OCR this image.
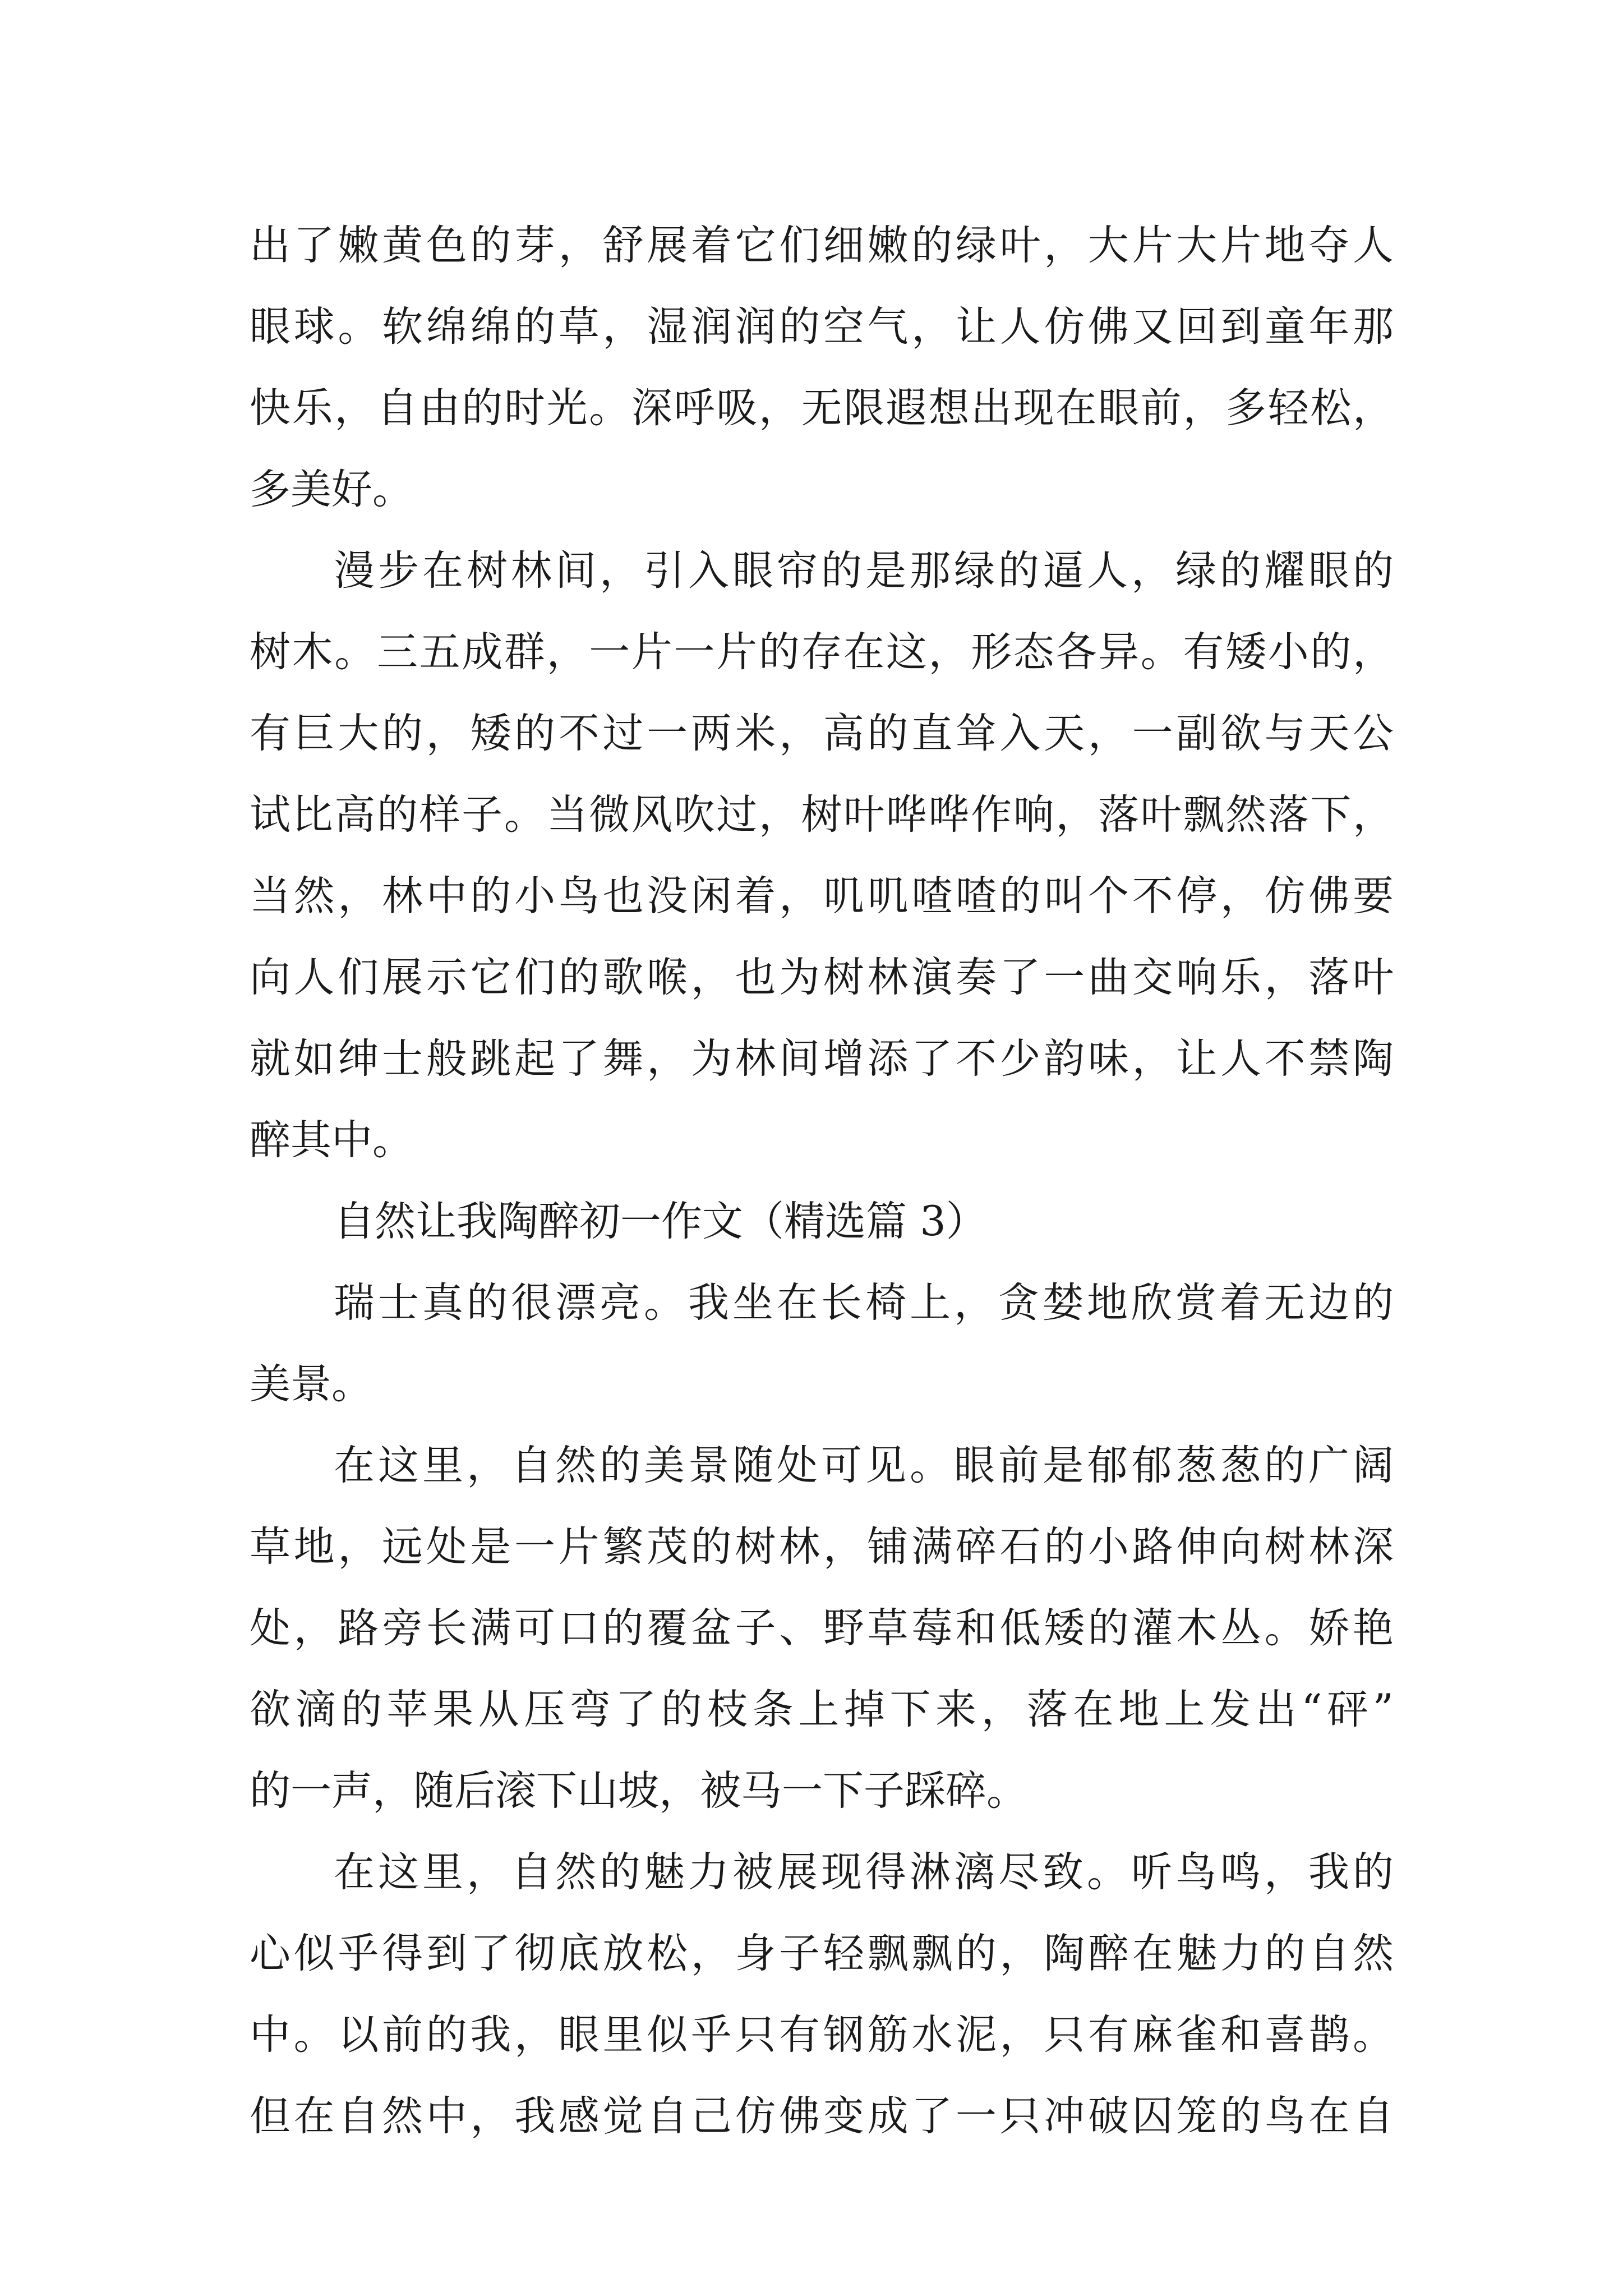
出了嫩黄色的芽，舒展着它们细嫩的绿叶，大片大片地夺人
眼球。软绵绵的草，湿润润的空气，让人仿佛又回到童年那
快乐，自由的时光。深呼吸，无限遐想出现在眼前，多轻松，
多美好。
漫步在树林间，引入眼帘的是那绿的逼人，绿的耀眼的
树木。三五成群，一片一片的存在这，形态各异。有矮小的，
有巨大的，矮的不过一两米，高的直耸入天，一副欲与天公
试比高的样子。当微风吹过，树叶哗哗作响，落叶飘然落下，
当然，林中的小鸟也没闲着，叽叽喳喳的叫个不停，仿佛要
向人们展示它们的歌喉，也为树林演奏了一曲交响乐，落叶
就如绅士般跳起了舞，为林间增添了不少韵味，让人不禁陶
醉其中。
自然让我陶醉初一作文（精选篇 3）
瑞士真的很漂亮。我坐在长椅上，贪婪地欣赏着无边的
美景。
在这里，自然的美景随处可见。眼前是郁郁葱葱的广阔
草地，远处是一片繁茂的树林，铺满碎石的小路伸向树林深
处，路旁长满可口的覆盆子、野草莓和低矮的灌木丛。娇艳
欲滴的苹果从压弯了的枝条上掉下来，落在地上发出“砰”
的一声，随后滚下山坡，被马一下子踩碎。
在这里，自然的魅力被展现得淋漓尽致。听鸟鸣，我的
心似乎得到了彻底放松，身子轻飘飘的，陶醉在魅力的自然
中。以前的我，眼里似乎只有钢筋水泥，只有麻雀和喜鹊。
但在自然中，我感觉自己仿佛变成了一只冲破囚笼的鸟在自
